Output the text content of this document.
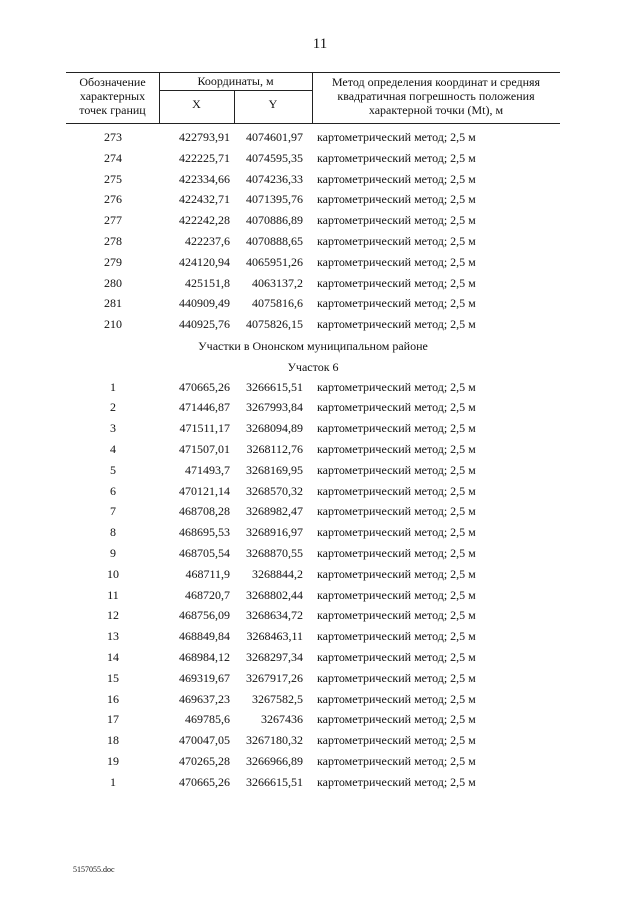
11
Обозначение
характерных
точек границ
Координаты, м
X	Y
Метод определения координат и средняя
квадратичная погрешность положения
характерной точки (Mt), м
273	422793,91	4074601,97 картометрический метод; 2,5 м
274	422225,71	4074595,35 картометрический метод; 2,5 м
275	422334,66	4074236,33 картометрический метод; 2,5 м
276	422432,71	4071395,76 картометрический метод; 2,5 м
277	422242,28	4070886,89 картометрический метод; 2,5 м
278	422237,6	4070888,65 картометрический метод; 2,5 м
279	424120,94	4065951,26 картометрический метод; 2,5 м
280	425151,8	4063137,2 картометрический метод; 2,5 м
281	440909,49	4075816,6 картометрический метод; 2,5 м
210	440925,76	4075826,15 картометрический метод; 2,5 м
Участки в Ононском муниципальном районе
Участок 6
1	470665,26	3266615,51 картометрический метод; 2,5 м
2	471446,87	3267993,84 картометрический метод; 2,5 м
3	471511,17	3268094,89 картометрический метод; 2,5 м
4	471507,01	3268112,76 картометрический метод; 2,5 м
5	471493,7	3268169,95 картометрический метод; 2,5 м
6	470121,14	3268570,32 картометрический метод; 2,5 м
7	468708,28	3268982,47 картометрический метод; 2,5 м
8	468695,53	3268916,97 картометрический метод; 2,5 м
9	468705,54	3268870,55 картометрический метод; 2,5 м
10	468711,9	3268844,2 картометрический метод; 2,5 м
11	468720,7	3268802,44 картометрический метод; 2,5 м
12	468756,09	3268634,72 картометрический метод; 2,5 м
13	468849,84	3268463,11 картометрический метод; 2,5 м
14	468984,12	3268297,34 картометрический метод; 2,5 м
15	469319,67	3267917,26 картометрический метод; 2,5 м
16	469637,23	3267582,5 картометрический метод; 2,5 м
17	469785,6	3267436 картометрический метод; 2,5 м
18	470047,05	3267180,32 картометрический метод; 2,5 м
19	470265,28	3266966,89 картометрический метод; 2,5 м
1	470665,26	3266615,51 картометрический метод; 2,5 м
5157055.doc
